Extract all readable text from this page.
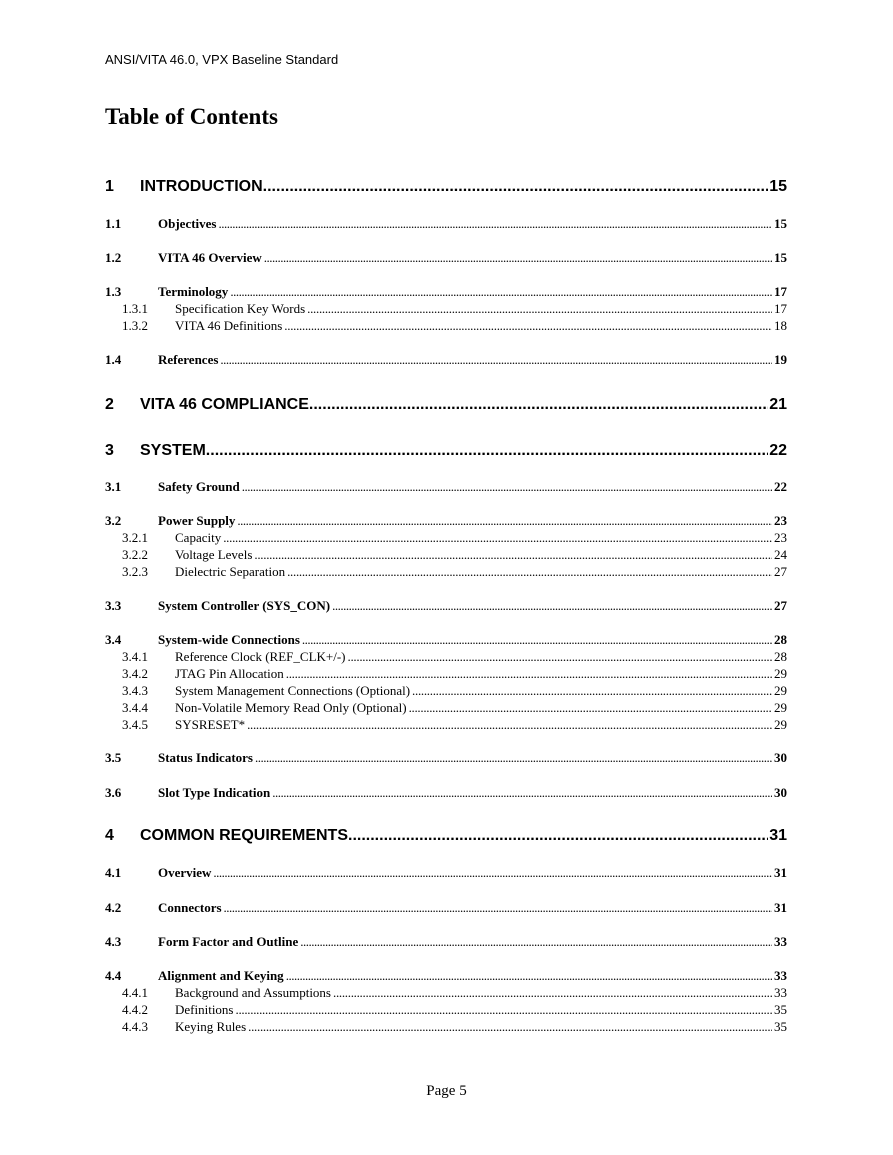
ANSI/VITA 46.0, VPX Baseline Standard
Table of Contents
1	INTRODUCTION .....	15
1.1	Objectives .....	15
1.2	VITA 46 Overview .....	15
1.3	Terminology .....	17
1.3.1	Specification Key Words .....	17
1.3.2	VITA 46 Definitions .....	18
1.4	References .....	19
2	VITA 46 COMPLIANCE .....	21
3	SYSTEM .....	22
3.1	Safety Ground .....	22
3.2	Power Supply .....	23
3.2.1	Capacity .....	23
3.2.2	Voltage Levels .....	24
3.2.3	Dielectric Separation .....	27
3.3	System Controller (SYS_CON) .....	27
3.4	System-wide Connections .....	28
3.4.1	Reference Clock (REF_CLK+/-) .....	28
3.4.2	JTAG Pin Allocation .....	29
3.4.3	System Management Connections (Optional) .....	29
3.4.4	Non-Volatile Memory Read Only (Optional) .....	29
3.4.5	SYSRESET* .....	29
3.5	Status Indicators .....	30
3.6	Slot Type Indication .....	30
4	COMMON REQUIREMENTS .....	31
4.1	Overview .....	31
4.2	Connectors .....	31
4.3	Form Factor and Outline .....	33
4.4	Alignment and Keying .....	33
4.4.1	Background and Assumptions .....	33
4.4.2	Definitions .....	35
4.4.3	Keying Rules .....	35
Page 5
